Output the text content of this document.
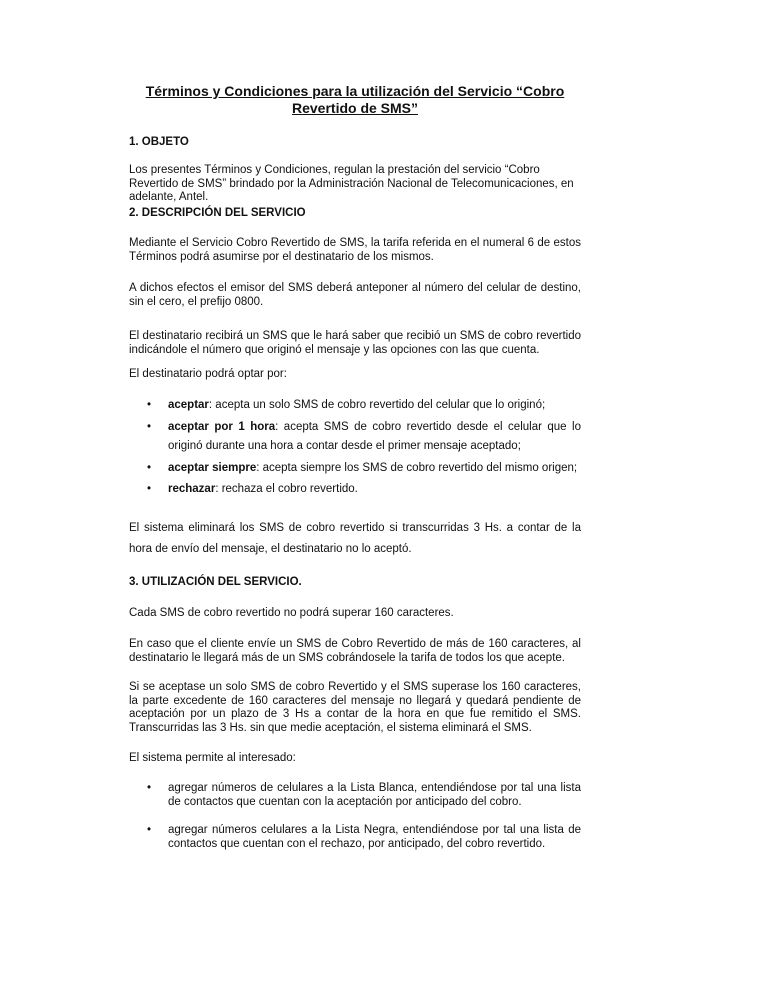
Términos y Condiciones para la utilización del Servicio “Cobro Revertido de SMS”
1. OBJETO
Los presentes Términos y Condiciones, regulan la prestación del servicio “Cobro Revertido de SMS” brindado por la Administración Nacional de Telecomunicaciones, en adelante, Antel.
2. DESCRIPCIÓN DEL SERVICIO
Mediante el Servicio Cobro Revertido de SMS, la tarifa referida en el numeral 6 de estos Términos podrá asumirse por el destinatario de los mismos.
A dichos efectos el emisor del SMS deberá anteponer al número del celular de destino, sin el cero, el prefijo 0800.
El destinatario recibirá un SMS que le hará saber que recibió un SMS de cobro revertido indicándole el número que originó el mensaje y las opciones con las que cuenta.
El destinatario podrá optar por:
• aceptar: acepta un solo SMS de cobro revertido del celular que lo originó;
• aceptar por 1 hora: acepta SMS de cobro revertido desde el celular que lo originó durante una hora a contar desde el primer mensaje aceptado;
• aceptar siempre: acepta siempre los SMS de cobro revertido del mismo origen;
• rechazar: rechaza el cobro revertido.
El sistema eliminará los SMS de cobro revertido si transcurridas 3 Hs. a contar de la hora de envío del mensaje, el destinatario no lo aceptó.
3. UTILIZACIÓN DEL SERVICIO.
Cada SMS de cobro revertido no podrá superar 160 caracteres.
En caso que el cliente envíe un SMS de Cobro Revertido de más de 160 caracteres, al destinatario le llegará más de un SMS cobrándosele la tarifa de todos los que acepte.
Si se aceptase un solo SMS de cobro Revertido y el SMS superase los 160 caracteres, la parte excedente de 160 caracteres del mensaje no llegará y quedará pendiente de aceptación por un plazo de 3 Hs a contar de la hora en que fue remitido el SMS. Transcurridas las 3 Hs. sin que medie aceptación, el sistema eliminará el SMS.
El sistema permite al interesado:
• agregar números de celulares a la Lista Blanca, entendiéndose por tal una lista de contactos que cuentan con la aceptación por anticipado del cobro.
• agregar números celulares a la Lista Negra, entendiéndose por tal una lista de contactos que cuentan con el rechazo, por anticipado, del cobro revertido.
